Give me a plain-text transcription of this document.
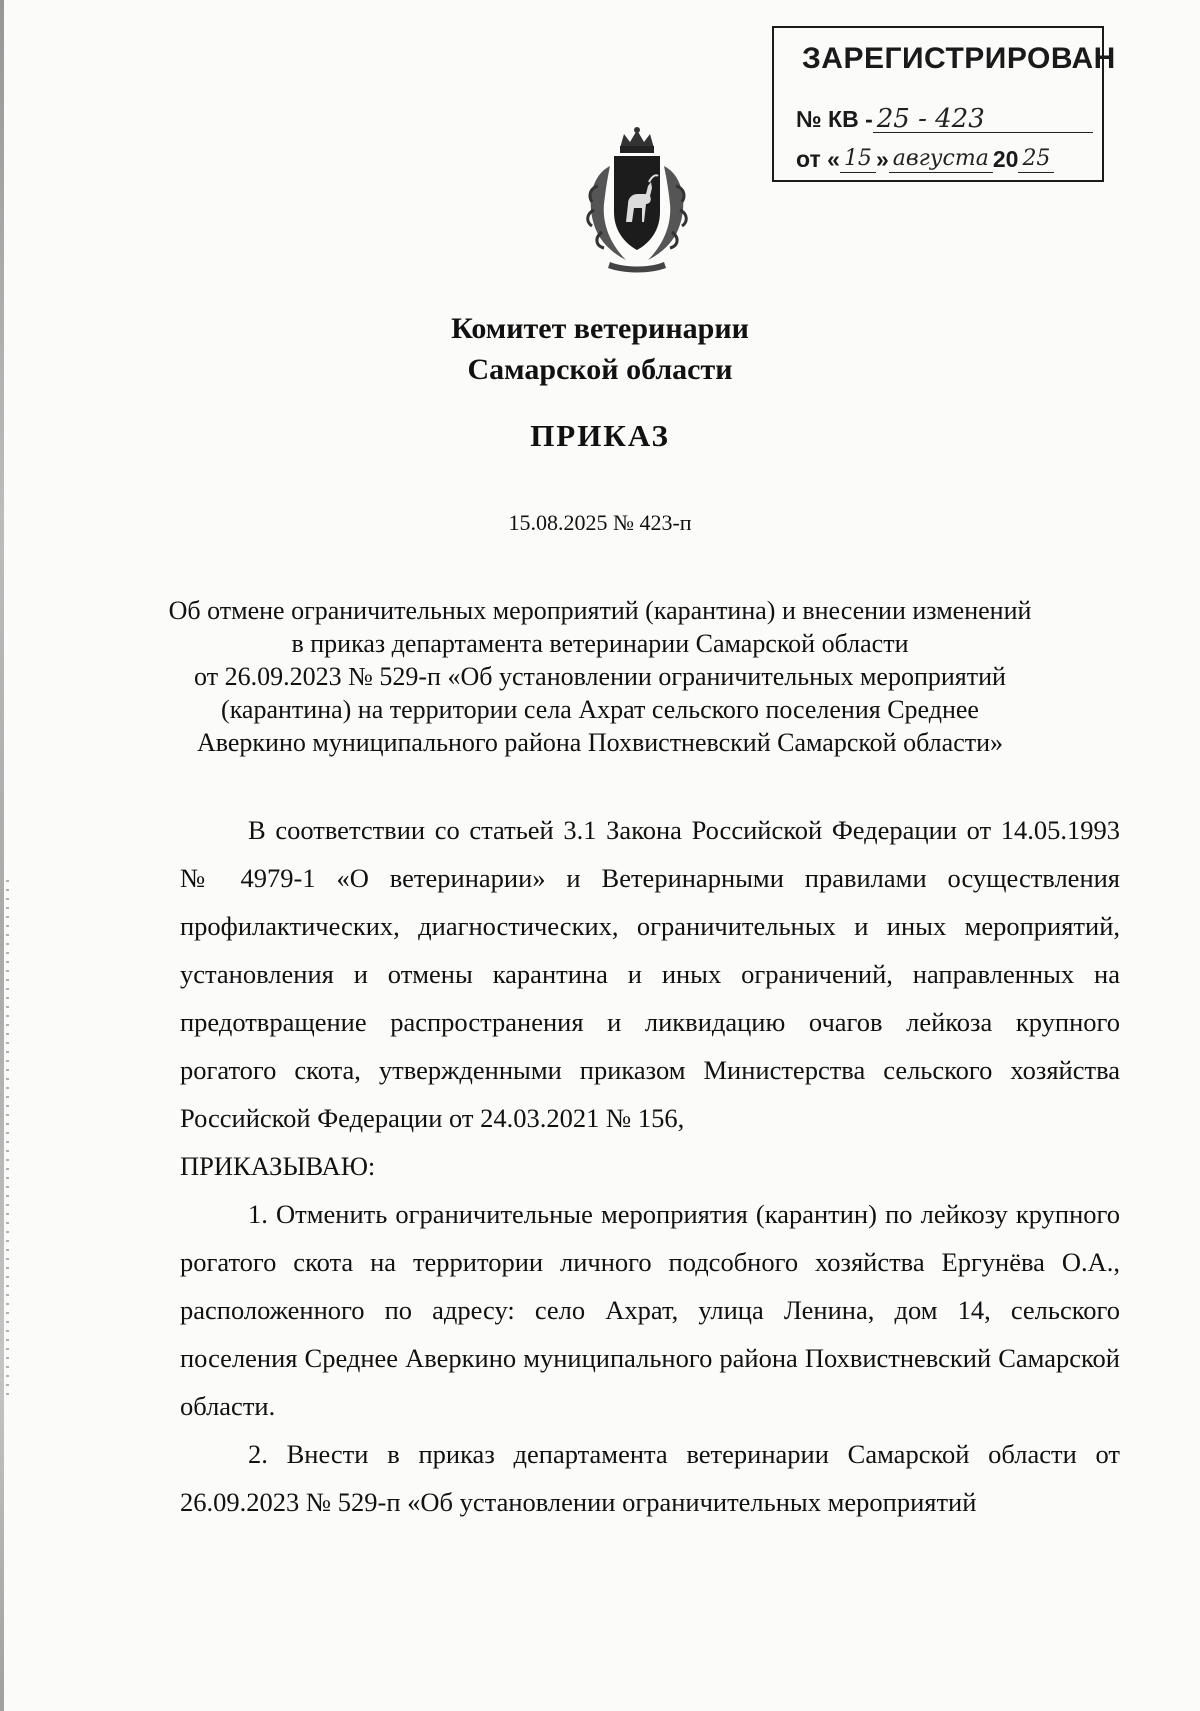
ЗАРЕГИСТРИРОВАН
№ КВ - 25 - 423
от « 15 » августа 20 25
Комитет ветеринарии
Самарской области
ПРИКАЗ
15.08.2025 № 423-п
Об отмене ограничительных мероприятий (карантина) и внесении изменений
в приказ департамента ветеринарии Самарской области
от 26.09.2023 № 529-п «Об установлении ограничительных мероприятий
(карантина) на территории села Ахрат сельского поселения Среднее
Аверкино муниципального района Похвистневский Самарской области»

В соответствии со статьей 3.1 Закона Российской Федерации от 14.05.1993 № 4979-1 «О ветеринарии» и Ветеринарными правилами осуществления профилактических, диагностических, ограничительных и иных мероприятий, установления и отмены карантина и иных ограничений, направленных на предотвращение распространения и ликвидацию очагов лейкоза крупного рогатого скота, утвержденными приказом Министерства сельского хозяйства Российской Федерации от 24.03.2021 № 156,

ПРИКАЗЫВАЮ:

1. Отменить ограничительные мероприятия (карантин) по лейкозу крупного рогатого скота на территории личного подсобного хозяйства Ергунёва О.А., расположенного по адресу: село Ахрат, улица Ленина, дом 14, сельского поселения Среднее Аверкино муниципального района Похвистневский Самарской области.

2. Внести в приказ департамента ветеринарии Самарской области от 26.09.2023 № 529-п «Об установлении ограничительных мероприятий
